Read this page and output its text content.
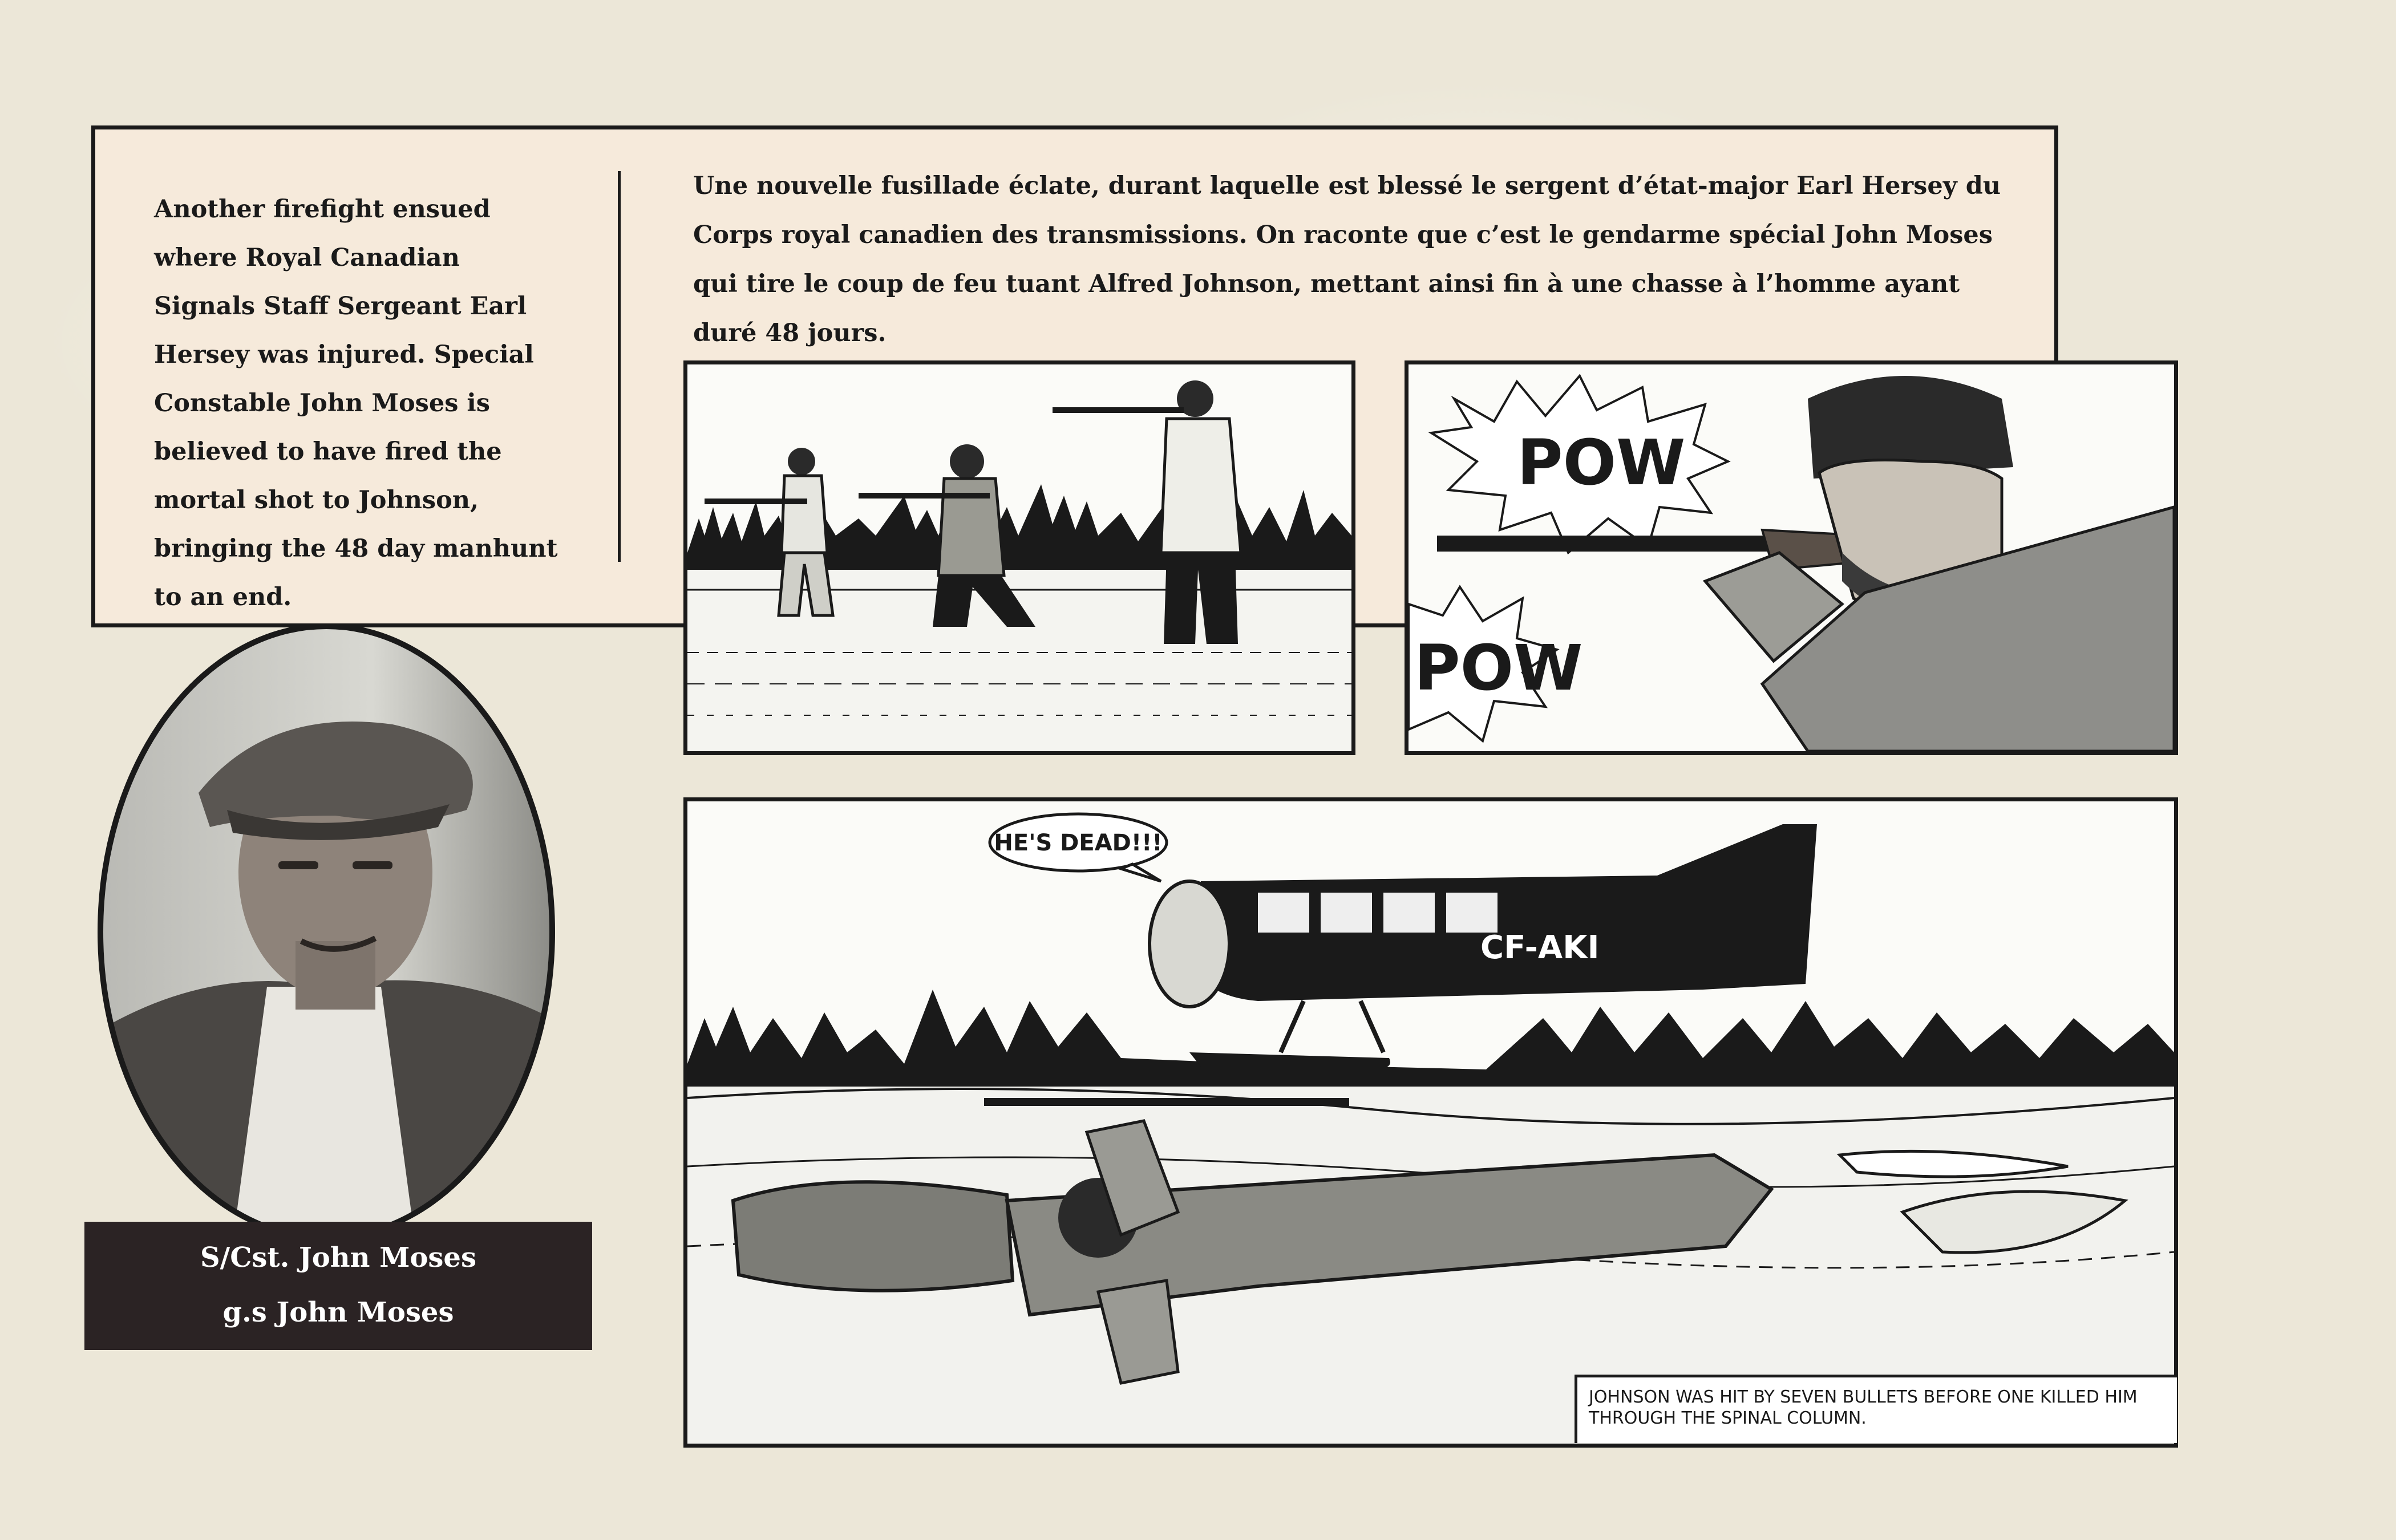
Another firefight ensued where Royal Canadian Signals Staff Sergeant Earl Hersey was injured. Special Constable John Moses is believed to have fired the mortal shot to Johnson, bringing the 48 day manhunt to an end.

Une nouvelle fusillade éclate, durant laquelle est blessé le sergent d’état-major Earl Hersey du Corps royal canadien des transmissions. On raconte que c’est le gendarme spécial John Moses qui tire le coup de feu tuant Alfred Johnson, mettant ainsi fin à une chasse à l’homme ayant duré 48 jours.

POW
POW
CF-AKI
HE'S DEAD!!!

JOHNSON WAS HIT BY SEVEN BULLETS BEFORE ONE KILLED HIM THROUGH THE SPINAL COLUMN.

S/Cst. John Moses
g.s John Moses
